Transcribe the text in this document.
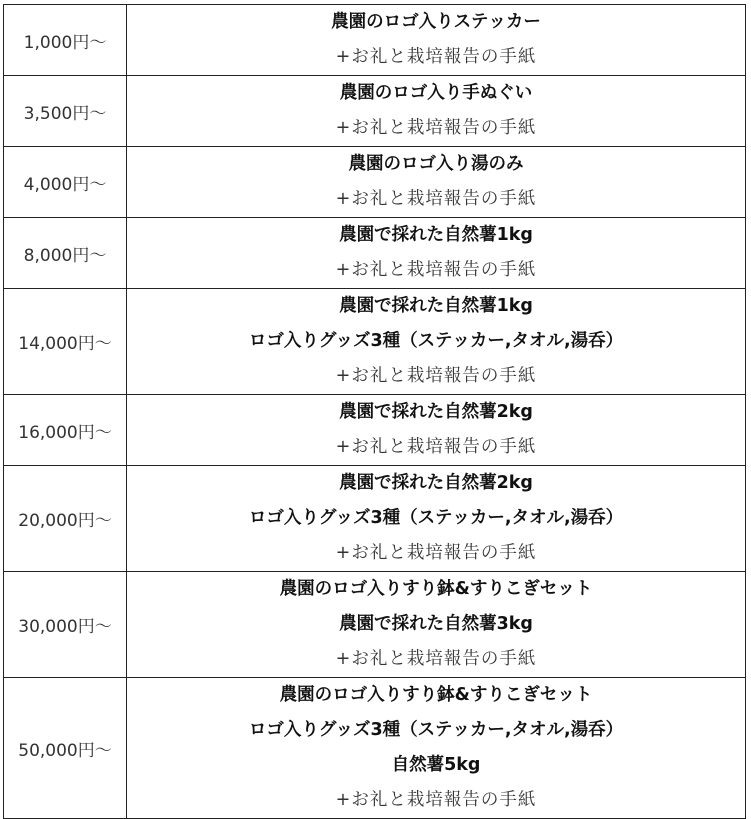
1,000円～	農園のロゴ入りステッカー
+お礼と栽培報告の手紙

3,500円～	農園のロゴ入り手ぬぐい
+お礼と栽培報告の手紙

4,000円～	農園のロゴ入り湯のみ
+お礼と栽培報告の手紙

8,000円～	農園で採れた自然薯1kg
+お礼と栽培報告の手紙

14,000円～	農園で採れた自然薯1kg
ロゴ入りグッズ3種（ステッカー,タオル,湯呑）
+お礼と栽培報告の手紙

16,000円～	農園で採れた自然薯2kg
+お礼と栽培報告の手紙

20,000円～	農園で採れた自然薯2kg
ロゴ入りグッズ3種（ステッカー,タオル,湯呑）
+お礼と栽培報告の手紙

30,000円～	農園のロゴ入りすり鉢&すりこぎセット
農園で採れた自然薯3kg
+お礼と栽培報告の手紙

50,000円～	農園のロゴ入りすり鉢&すりこぎセット
ロゴ入りグッズ3種（ステッカー,タオル,湯呑）
自然薯5kg
+お礼と栽培報告の手紙
